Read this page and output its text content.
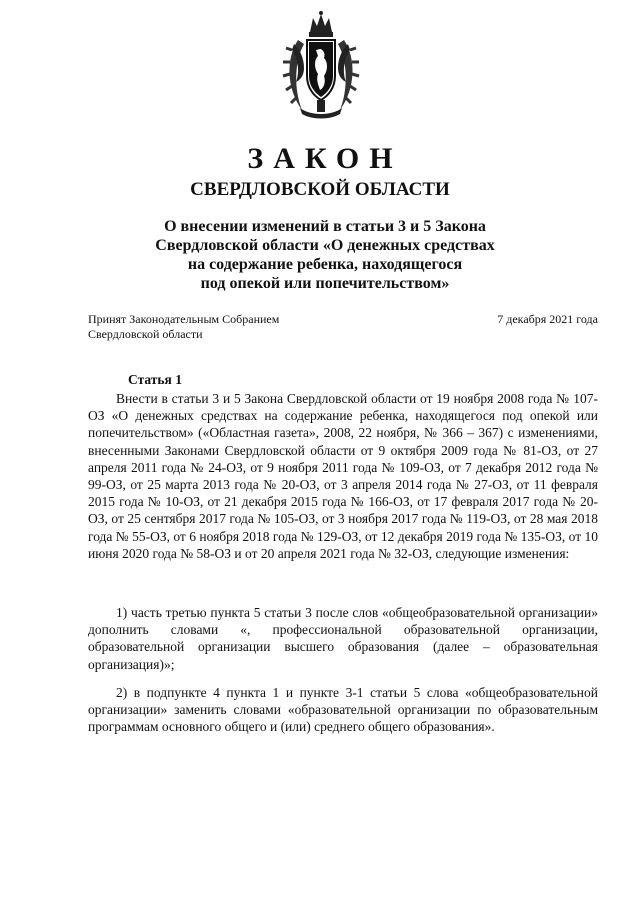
ЗАКОН
СВЕРДЛОВСКОЙ ОБЛАСТИ
О внесении изменений в статьи 3 и 5 Закона
Свердловской области «О денежных средствах
на содержание ребенка, находящегося
под опекой или попечительством»
Принят Законодательным Собранием
Свердловской области
7 декабря 2021 года
Статья 1

Внести в статьи 3 и 5 Закона Свердловской области от 19 ноября 2008 года № 107-ОЗ «О денежных средствах на содержание ребенка, находящегося под опекой или попечительством» («Областная газета», 2008, 22 ноября, № 366 – 367) с изменениями, внесенными Законами Свердловской области от 9 октября 2009 года № 81-ОЗ, от 27 апреля 2011 года № 24-ОЗ, от 9 ноября 2011 года № 109-ОЗ, от 7 декабря 2012 года № 99-ОЗ, от 25 марта 2013 года № 20-ОЗ, от 3 апреля 2014 года № 27-ОЗ, от 11 февраля 2015 года № 10-ОЗ, от 21 декабря 2015 года № 166-ОЗ, от 17 февраля 2017 года № 20-ОЗ, от 25 сентября 2017 года № 105-ОЗ, от 3 ноября 2017 года № 119-ОЗ, от 28 мая 2018 года № 55-ОЗ, от 6 ноября 2018 года № 129-ОЗ, от 12 декабря 2019 года № 135-ОЗ, от 10 июня 2020 года № 58-ОЗ и от 20 апреля 2021 года № 32-ОЗ, следующие изменения:

1) часть третью пункта 5 статьи 3 после слов «общеобразовательной организации» дополнить словами «, профессиональной образовательной организации, образовательной организации высшего образования (далее – образовательная организация)»;

2) в подпункте 4 пункта 1 и пункте 3-1 статьи 5 слова «общеобразовательной организации» заменить словами «образовательной организации по образовательным программам основного общего и (или) среднего общего образования».
